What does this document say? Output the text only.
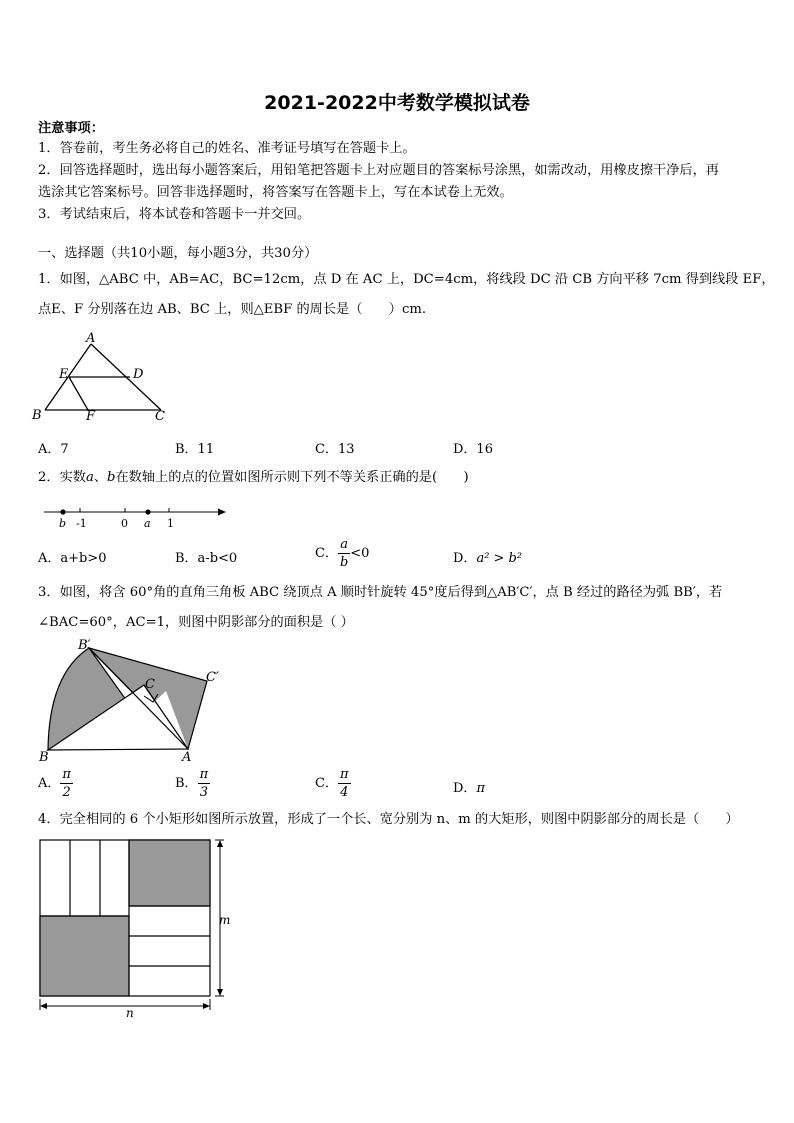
2021-2022中考数学模拟试卷
注意事项：
1．答卷前，考生务必将自己的姓名、准考证号填写在答题卡上。
2．回答选择题时，选出每小题答案后，用铅笔把答题卡上对应题目的答案标号涂黑，如需改动，用橡皮擦干净后，再
选涂其它答案标号。回答非选择题时，将答案写在答题卡上，写在本试卷上无效。
3．考试结束后，将本试卷和答题卡一并交回。
一、选择题（共10小题，每小题3分，共30分）
1．如图，△ABC 中，AB=AC，BC=12cm，点 D 在 AC 上，DC=4cm，将线段 DC 沿 CB 方向平移 7cm 得到线段 EF，
点E、F 分别落在边 AB、BC 上，则△EBF 的周长是（　　）cm.
A
B	C
D
E
F
A．7	B．11	C．13	D．16
2．实数a、b在数轴上的点的位置如图所示则下列不等关系正确的是(　　)
b -1	0 a 1
A．a+b>0	B．a-b<0	C． $\frac{a}{b} <0$	D．a² > b²
3．如图，将含 60°角的直角三角板 ABC 绕顶点 A 顺时针旋转 45°度后得到△AB′C′，点 B 经过的路径为弧 BB′，若
∠BAC=60°，AC=1，则图中阴影部分的面积是（ ）
B′
C′
C
B	A
A． $\frac{\pi}{2}$	B． $\frac{\pi}{3}$	C． $\frac{\pi}{4}$	D．π
4．完全相同的 6 个小矩形如图所示放置，形成了一个长、宽分别为 n、m 的大矩形，则图中阴影部分的周长是（　　）
m
n
